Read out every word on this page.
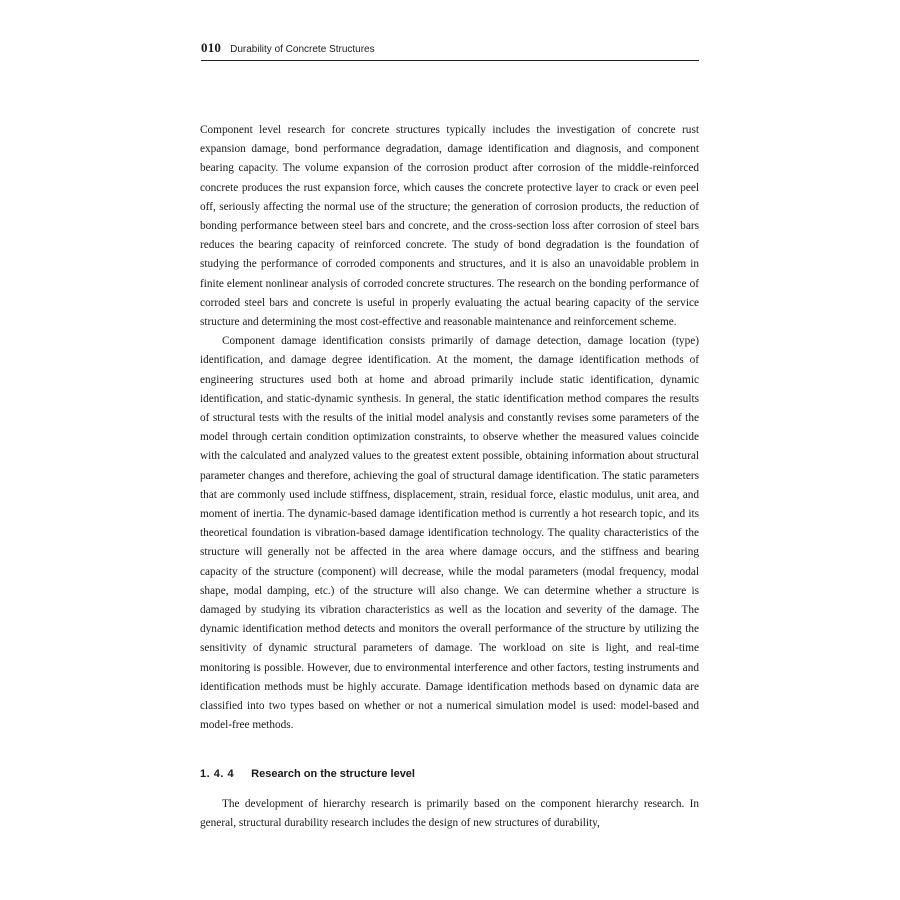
010 Durability of Concrete Structures

Component level research for concrete structures typically includes the investigation of concrete rust expansion damage, bond performance degradation, damage identification and diagnosis, and component bearing capacity. The volume expansion of the corrosion product after corrosion of the middle-reinforced concrete produces the rust expansion force, which causes the concrete protective layer to crack or even peel off, seriously affecting the normal use of the structure; the generation of corrosion products, the reduction of bonding performance between steel bars and concrete, and the cross-section loss after corrosion of steel bars reduces the bearing capacity of reinforced concrete. The study of bond degradation is the foundation of studying the performance of corroded components and structures, and it is also an unavoidable problem in finite element nonlinear analysis of corroded concrete structures. The research on the bonding performance of corroded steel bars and concrete is useful in properly evaluating the actual bearing capacity of the service structure and determining the most cost-effective and reasonable maintenance and reinforcement scheme.

Component damage identification consists primarily of damage detection, damage location (type) identification, and damage degree identification. At the moment, the damage identification methods of engineering structures used both at home and abroad primarily include static identification, dynamic identification, and static-dynamic synthesis. In general, the static identification method compares the results of structural tests with the results of the initial model analysis and constantly revises some parameters of the model through certain condition optimization constraints, to observe whether the measured values coincide with the calculated and analyzed values to the greatest extent possible, obtaining information about structural parameter changes and therefore, achieving the goal of structural damage identification. The static parameters that are commonly used include stiffness, displacement, strain, residual force, elastic modulus, unit area, and moment of inertia. The dynamic-based damage identification method is currently a hot research topic, and its theoretical foundation is vibration-based damage identification technology. The quality characteristics of the structure will generally not be affected in the area where damage occurs, and the stiffness and bearing capacity of the structure (component) will decrease, while the modal parameters (modal frequency, modal shape, modal damping, etc.) of the structure will also change. We can determine whether a structure is damaged by studying its vibration characteristics as well as the location and severity of the damage. The dynamic identification method detects and monitors the overall performance of the structure by utilizing the sensitivity of dynamic structural parameters of damage. The workload on site is light, and real-time monitoring is possible. However, due to environmental interference and other factors, testing instruments and identification methods must be highly accurate. Damage identification methods based on dynamic data are classified into two types based on whether or not a numerical simulation model is used: model-based and model-free methods.

1. 4. 4 Research on the structure level

The development of hierarchy research is primarily based on the component hierarchy research. In general, structural durability research includes the design of new structures of durability,
